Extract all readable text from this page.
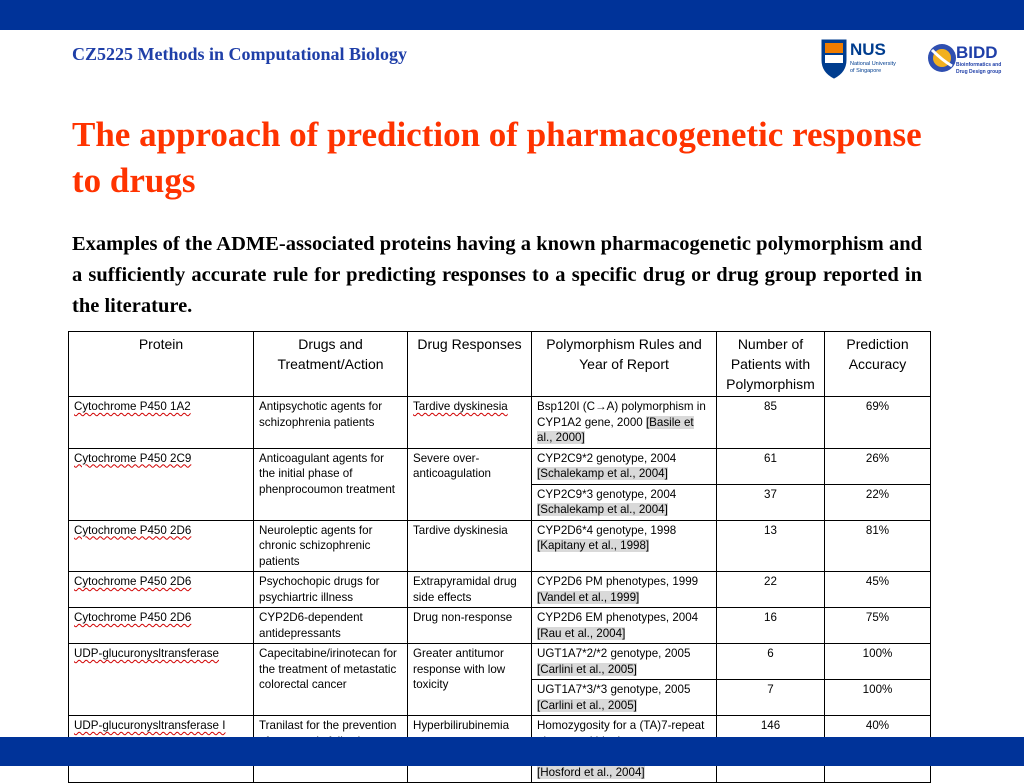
CZ5225 Methods in Computational Biology	NUS
National University
of Singapore
BIDD
Bioinformatics and
Drug Design group
The approach of prediction of pharmacogenetic response to drugs

Examples of the ADME-associated proteins having a known pharmacogenetic polymorphism and a sufficiently accurate rule for predicting responses to a specific drug or drug group reported in the literature.

Protein	Drugs and Treatment/Action	Drug Responses	Polymorphism Rules and Year of Report	Number of Patients with Polymorphism	Prediction Accuracy
Cytochrome P450 1A2	Antipsychotic agents for schizophrenia patients	Tardive dyskinesia	Bsp120I (C→A) polymorphism in CYP1A2 gene, 2000 [Basile et al., 2000]	85	69%
Cytochrome P450 2C9	Anticoagulant agents for the initial phase of phenprocoumon treatment	Severe over-anticoagulation	CYP2C9*2 genotype, 2004 [Schalekamp et al., 2004]	61	26%
			CYP2C9*3 genotype, 2004 [Schalekamp et al., 2004]	37	22%
Cytochrome P450 2D6	Neuroleptic agents for chronic schizophrenic patients	Tardive dyskinesia	CYP2D6*4 genotype, 1998 [Kapitany et al., 1998]	13	81%
Cytochrome P450 2D6	Psychochopic drugs for psychiartric illness	Extrapyramidal drug side effects	CYP2D6 PM phenotypes, 1999 [Vandel et al., 1999]	22	45%
Cytochrome P450 2D6	CYP2D6-dependent antidepressants	Drug non-response	CYP2D6 EM phenotypes, 2004 [Rau et al., 2004]	16	75%
UDP-glucuronysltransferase	Capecitabine/irinotecan for the treatment of metastatic colorectal cancer	Greater antitumor response with low toxicity	UGT1A7*2/*2 genotype, 2005 [Carlini et al., 2005]	6	100%
			UGT1A7*3/*3 genotype, 2005 [Carlini et al., 2005]	7	100%
UDP-glucuronysltransferase I	Tranilast for the prevention	Hyperbilirubinemia	Homozygosity for a (TA)7-repeat [Hosford et al., 2004]	146	40%
